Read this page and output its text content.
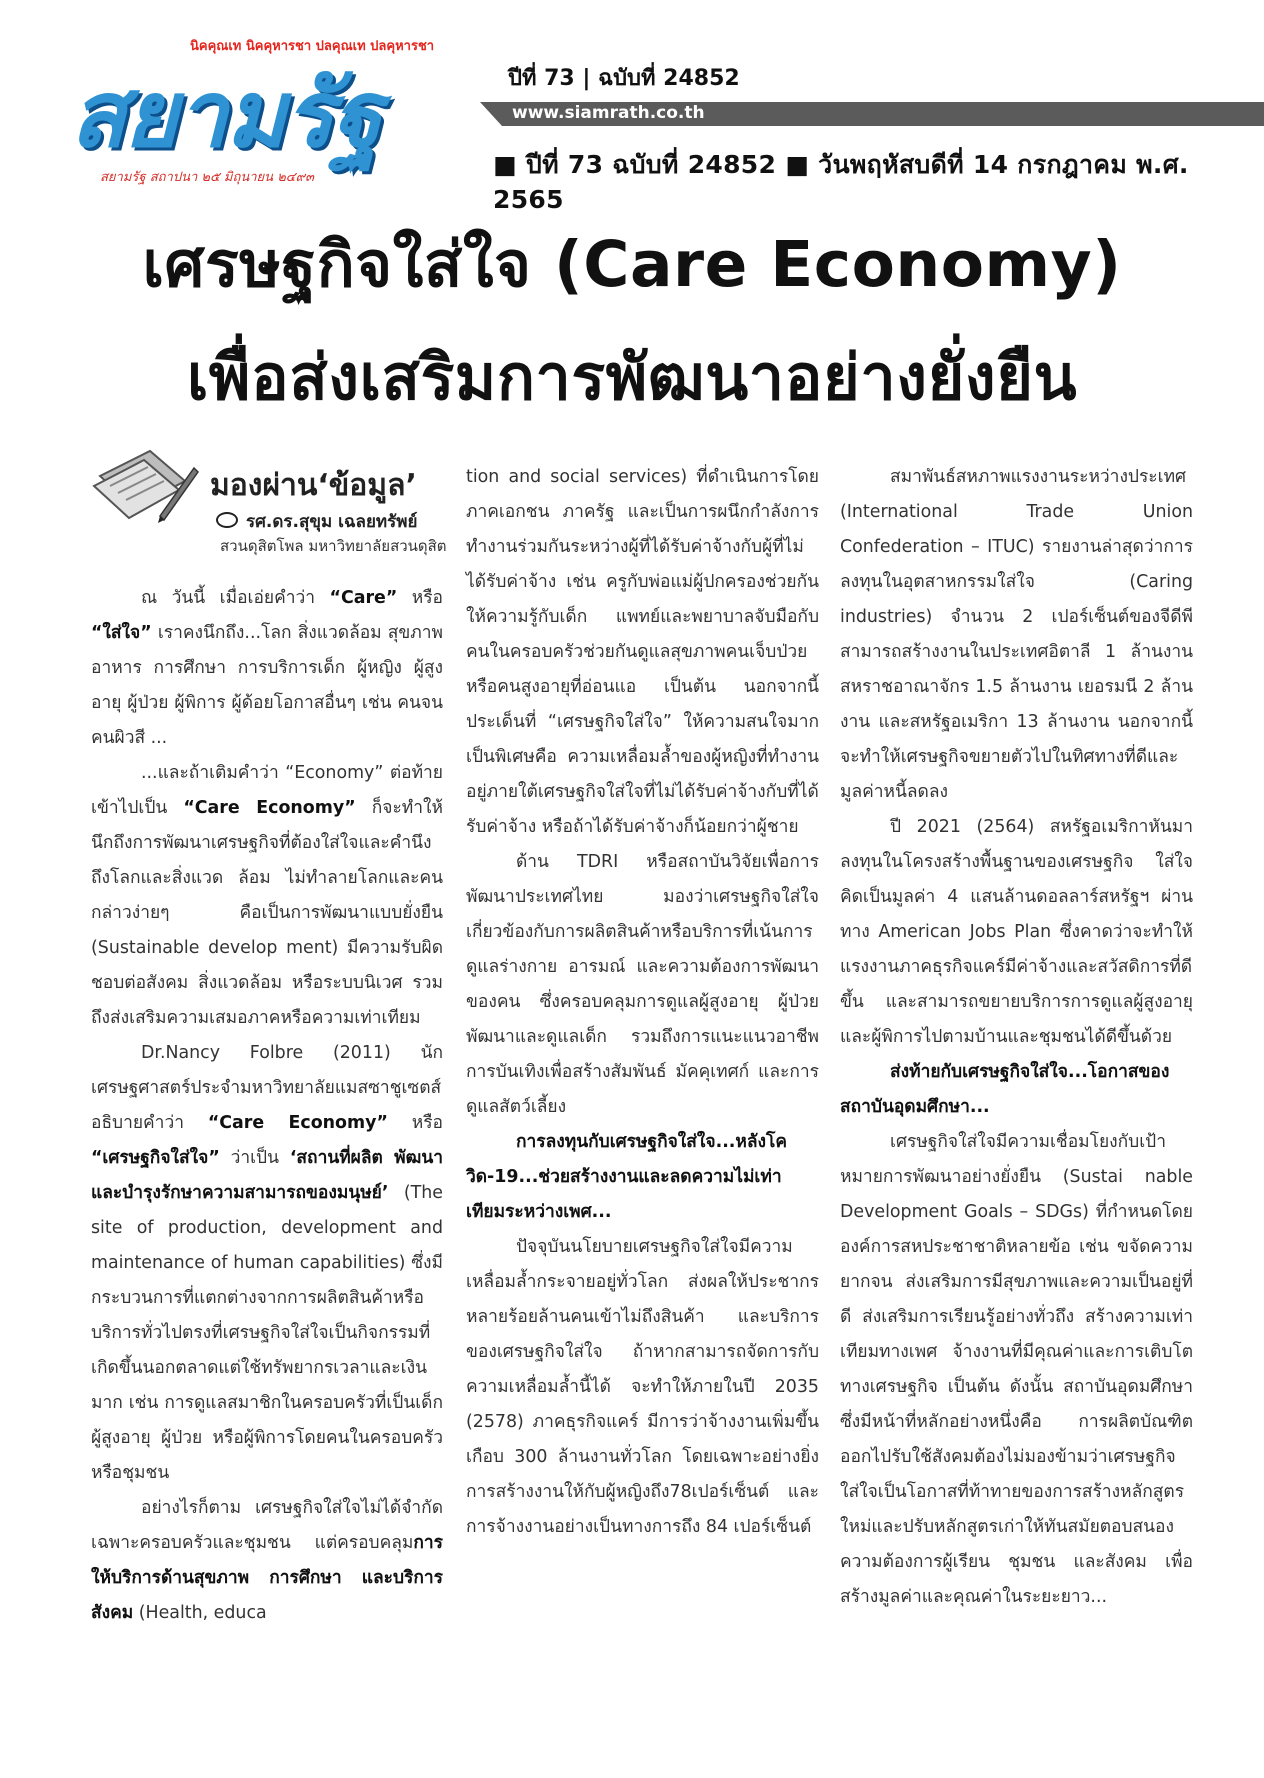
นิคคุณเท นิคคุหารชา ปลคุณเท ปลคุหารชา
สยามรัฐ
สยามรัฐ สถาปนา ๒๕ มิถุนายน ๒๔๙๓
ปีที่ 73 | ฉบับที่ 24852
www.siamrath.co.th
■ ปีที่ 73 ฉบับที่ 24852 ■ วันพฤหัสบดีที่ 14 กรกฎาคม พ.ศ. 2565
เศรษฐกิจใส่ใจ (Care Economy)
เพื่อส่งเสริมการพัฒนาอย่างยั่งยืน
มองผ่าน‘ข้อมูล’
รศ.ดร.สุขุม เฉลยทรัพย์
สวนดุสิตโพล มหาวิทยาลัยสวนดุสิต

ณ วันนี้ เมื่อเอ่ยคำว่า “Care” หรือ “ใส่ใจ” เราคงนึกถึง...โลก สิ่งแวดล้อม สุขภาพ อาหาร การศึกษา การบริการเด็ก ผู้หญิง ผู้สูงอายุ ผู้ป่วย ผู้พิการ ผู้ด้อยโอกาสอื่นๆ เช่น คนจน คนผิวสี ...

...และถ้าเติมคำว่า “Economy” ต่อท้ายเข้าไปเป็น “Care Economy” ก็จะทำให้นึกถึงการพัฒนาเศรษฐกิจที่ต้องใส่ใจและคำนึงถึงโลกและสิ่งแวด ล้อม ไม่ทำลายโลกและคน กล่าวง่ายๆ คือเป็นการพัฒนาแบบยั่งยืน (Sustainable develop ment) มีความรับผิดชอบต่อสังคม สิ่งแวดล้อม หรือระบบนิเวศ รวมถึงส่งเสริมความเสมอภาคหรือความเท่าเทียม

Dr.Nancy Folbre (2011) นักเศรษฐศาสตร์ประจำมหาวิทยาลัยแมสซาชูเซตส์ อธิบายคำว่า “Care Economy” หรือ “เศรษฐกิจใส่ใจ” ว่าเป็น ‘สถานที่ผลิต พัฒนา และบำรุงรักษาความสามารถของมนุษย์’ (The site of production, development and maintenance of human capabilities) ซึ่งมีกระบวนการที่แตกต่างจากการผลิตสินค้าหรือบริการทั่วไปตรงที่เศรษฐกิจใส่ใจเป็นกิจกรรมที่เกิดขึ้นนอกตลาดแต่ใช้ทรัพยากรเวลาและเงินมาก เช่น การดูแลสมาชิกในครอบครัวที่เป็นเด็ก ผู้สูงอายุ ผู้ป่วย หรือผู้พิการโดยคนในครอบครัวหรือชุมชน

อย่างไรก็ตาม เศรษฐกิจใส่ใจไม่ได้จำกัดเฉพาะครอบครัวและชุมชน แต่ครอบคลุมการให้บริการด้านสุขภาพ การศึกษา และบริการสังคม (Health, educa

tion and social services) ที่ดำเนินการโดยภาคเอกชน ภาครัฐ และเป็นการผนึกกำลังการทำงานร่วมกันระหว่างผู้ที่ได้รับค่าจ้างกับผู้ที่ไม่ได้รับค่าจ้าง เช่น ครูกับพ่อแม่ผู้ปกครองช่วยกันให้ความรู้กับเด็ก แพทย์และพยาบาลจับมือกับคนในครอบครัวช่วยกันดูแลสุขภาพคนเจ็บป่วยหรือคนสูงอายุที่อ่อนแอ เป็นต้น นอกจากนี้ ประเด็นที่ “เศรษฐกิจใส่ใจ” ให้ความสนใจมากเป็นพิเศษคือ ความเหลื่อมล้ำของผู้หญิงที่ทำงานอยู่ภายใต้เศรษฐกิจใส่ใจที่ไม่ได้รับค่าจ้างกับที่ได้รับค่าจ้าง หรือถ้าได้รับค่าจ้างก็น้อยกว่าผู้ชาย

ด้าน TDRI หรือสถาบันวิจัยเพื่อการพัฒนาประเทศไทย มองว่าเศรษฐกิจใส่ใจเกี่ยวข้องกับการผลิตสินค้าหรือบริการที่เน้นการดูแลร่างกาย อารมณ์ และความต้องการพัฒนาของคน ซึ่งครอบคลุมการดูแลผู้สูงอายุ ผู้ป่วย พัฒนาและดูแลเด็ก รวมถึงการแนะแนวอาชีพ การบันเทิงเพื่อสร้างสัมพันธ์ มัคคุเทศก์ และการดูแลสัตว์เลี้ยง

การลงทุนกับเศรษฐกิจใส่ใจ...หลังโควิด-19...ช่วยสร้างงานและลดความไม่เท่าเทียมระหว่างเพศ...

ปัจจุบันนโยบายเศรษฐกิจใส่ใจมีความเหลื่อมล้ำกระจายอยู่ทั่วโลก ส่งผลให้ประชากรหลายร้อยล้านคนเข้าไม่ถึงสินค้า และบริการของเศรษฐกิจใส่ใจ ถ้าหากสามารถจัดการกับความเหลื่อมล้ำนี้ได้ จะทำให้ภายในปี 2035 (2578) ภาคธุรกิจแคร์ มีการว่าจ้างงานเพิ่มขึ้นเกือบ 300 ล้านงานทั่วโลก โดยเฉพาะอย่างยิ่งการสร้างงานให้กับผู้หญิงถึง78เปอร์เซ็นต์ และการจ้างงานอย่างเป็นทางการถึง 84 เปอร์เซ็นต์

สมาพันธ์สหภาพแรงงานระหว่างประเทศ (International Trade Union Confederation – ITUC) รายงานล่าสุดว่าการลงทุนในอุตสาหกรรมใส่ใจ (Caring industries) จำนวน 2 เปอร์เซ็นต์ของจีดีพี สามารถสร้างงานในประเทศอิตาลี 1 ล้านงาน สหราชอาณาจักร 1.5 ล้านงาน เยอรมนี 2 ล้านงาน และสหรัฐอเมริกา 13 ล้านงาน นอกจากนี้ จะทำให้เศรษฐกิจขยายตัวไปในทิศทางที่ดีและมูลค่าหนี้ลดลง

ปี 2021 (2564) สหรัฐอเมริกาหันมาลงทุนในโครงสร้างพื้นฐานของเศรษฐกิจ ใส่ใจคิดเป็นมูลค่า 4 แสนล้านดอลลาร์สหรัฐฯ ผ่านทาง American Jobs Plan ซึ่งคาดว่าจะทำให้แรงงานภาคธุรกิจแคร์มีค่าจ้างและสวัสดิการที่ดีขึ้น และสามารถขยายบริการการดูแลผู้สูงอายุและผู้พิการไปตามบ้านและชุมชนได้ดีขึ้นด้วย

ส่งท้ายกับเศรษฐกิจใส่ใจ...โอกาสของสถาบันอุดมศึกษา...

เศรษฐกิจใส่ใจมีความเชื่อมโยงกับเป้าหมายการพัฒนาอย่างยั่งยืน (Sustai nable Development Goals – SDGs) ที่กำหนดโดยองค์การสหประชาชาติหลายข้อ เช่น ขจัดความยากจน ส่งเสริมการมีสุขภาพและความเป็นอยู่ที่ดี ส่งเสริมการเรียนรู้อย่างทั่วถึง สร้างความเท่าเทียมทางเพศ จ้างงานที่มีคุณค่าและการเติบโตทางเศรษฐกิจ เป็นต้น ดังนั้น สถาบันอุดมศึกษาซึ่งมีหน้าที่หลักอย่างหนึ่งคือ การผลิตบัณฑิตออกไปรับใช้สังคมต้องไม่มองข้ามว่าเศรษฐกิจใส่ใจเป็นโอกาสที่ท้าทายของการสร้างหลักสูตรใหม่และปรับหลักสูตรเก่าให้ทันสมัยตอบสนองความต้องการผู้เรียน ชุมชน และสังคม เพื่อสร้างมูลค่าและคุณค่าในระยะยาว...
